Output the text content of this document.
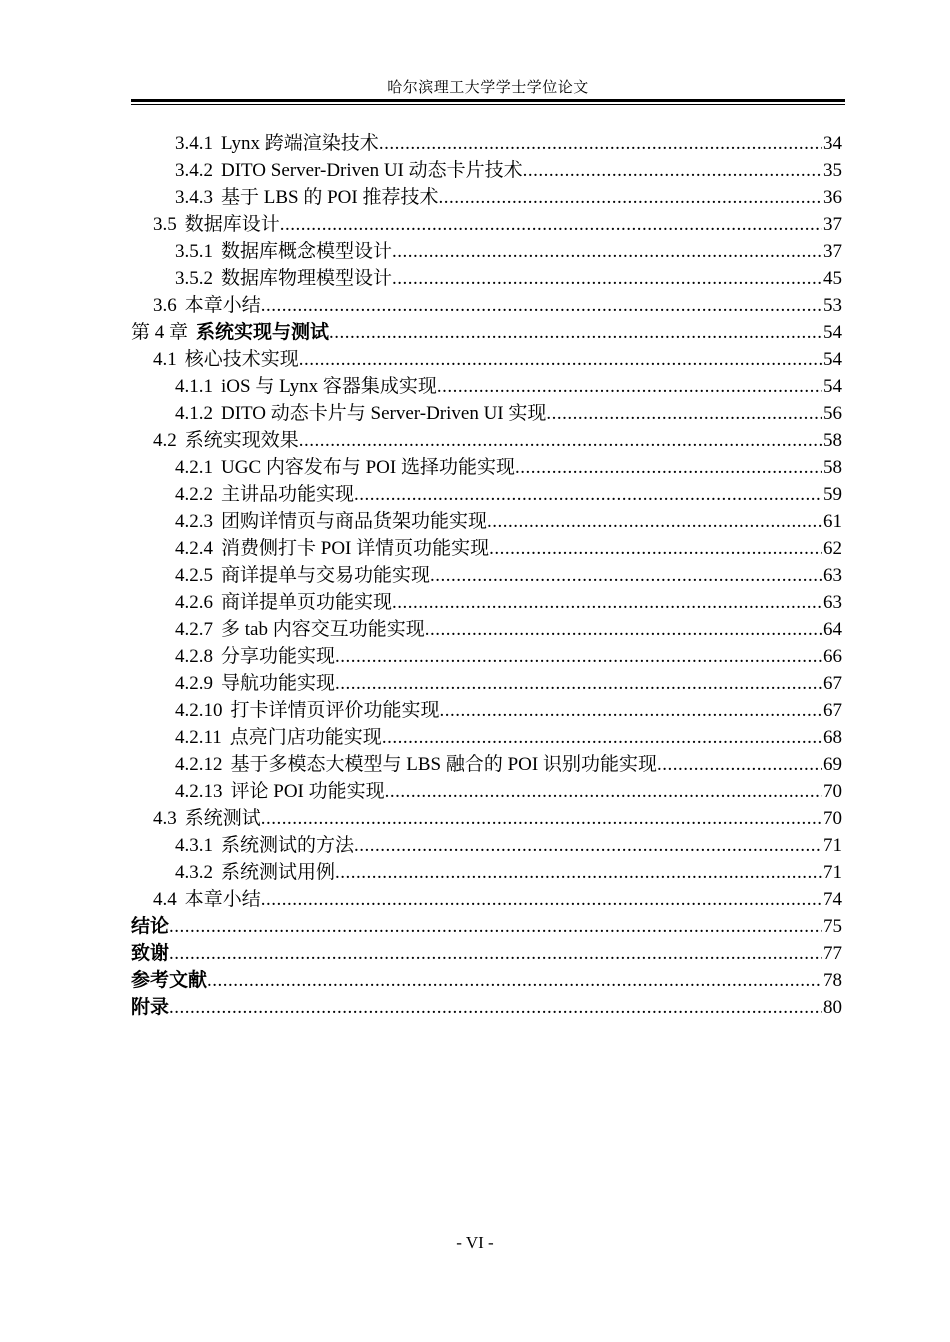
哈尔滨理工大学学士学位论文
3.4.1 Lynx 跨端渲染技术 .....	34
3.4.2 DITO Server-Driven UI 动态卡片技术 .....	35
3.4.3 基于 LBS 的 POI 推荐技术 .....	36
3.5 数据库设计 .....	37
3.5.1 数据库概念模型设计 .....	37
3.5.2 数据库物理模型设计 .....	45
3.6 本章小结 .....	53
第 4 章 系统实现与测试 .....	54
4.1 核心技术实现 .....	54
4.1.1 iOS 与 Lynx 容器集成实现 .....	54
4.1.2 DITO 动态卡片与 Server-Driven UI 实现 .....	56
4.2 系统实现效果 .....	58
4.2.1 UGC 内容发布与 POI 选择功能实现 .....	58
4.2.2 主讲品功能实现 .....	59
4.2.3 团购详情页与商品货架功能实现 .....	61
4.2.4 消费侧打卡 POI 详情页功能实现 .....	62
4.2.5 商详提单与交易功能实现 .....	63
4.2.6 商详提单页功能实现 .....	63
4.2.7 多 tab 内容交互功能实现 .....	64
4.2.8 分享功能实现 .....	66
4.2.9 导航功能实现 .....	67
4.2.10 打卡详情页评价功能实现 .....	67
4.2.11 点亮门店功能实现 .....	68
4.2.12 基于多模态大模型与 LBS 融合的 POI 识别功能实现 .....	69
4.2.13 评论 POI 功能实现 .....	70
4.3 系统测试 .....	70
4.3.1 系统测试的方法 .....	71
4.3.2 系统测试用例 .....	71
4.4 本章小结 .....	74
结论 .....	75
致谢 .....	77
参考文献 .....	78
附录 .....	80
- VI -
